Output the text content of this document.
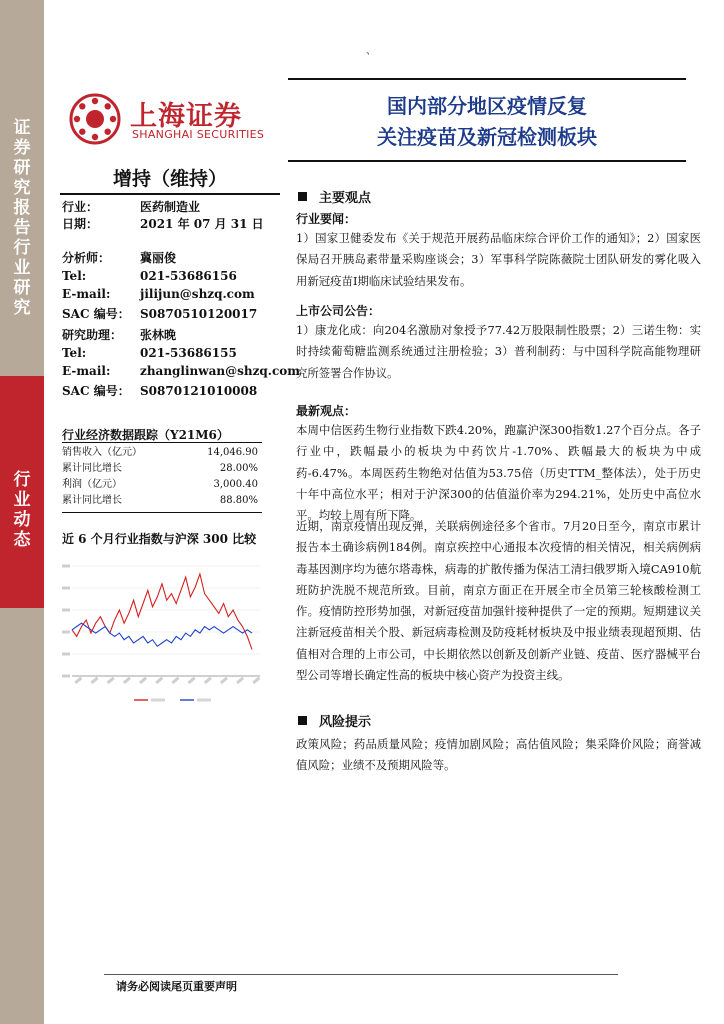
证券研究报告 行业研究
行业动态
、
上海证券
SHANGHAI SECURITIES
国内部分地区疫情反复
关注疫苗及新冠检测板块
增持（维持）
行业：	医药制造业
日期：	2021 年 07 月 31 日
分析师：	冀丽俊
Tel:	021-53686156
E-mail:	jilijun@shzq.com
SAC 编号： S0870510120017
研究助理：	张林晚
Tel:	021-53686155
E-mail:	zhanglinwan@shzq.com
SAC 编号： S0870121010008
行业经济数据跟踪（Y21M6）
销售收入（亿元）	14,046.90
累计同比增长	28.00%
利润（亿元）	3,000.40
累计同比增长	88.80%
近 6 个月行业指数与沪深 300 比较
主要观点
行业要闻：
1）国家卫健委发布《关于规范开展药品临床综合评价工作的通知》；2）国家医保局召开胰岛素带量采购座谈会；3）军事科学院陈薇院士团队研发的雾化吸入用新冠疫苗I期临床试验结果发布。
上市公司公告：
1）康龙化成：向204名激励对象授予77.42万股限制性股票；2）三诺生物：实时持续葡萄糖监测系统通过注册检验；3）普利制药：与中国科学院高能物理研究所签署合作协议。
最新观点：
本周中信医药生物行业指数下跌4.20%，跑赢沪深300指数1.27个百分点。各子行业中，跌幅最小的板块为中药饮片-1.70%、跌幅最大的板块为中成药-6.47%。本周医药生物绝对估值为53.75倍（历史TTM_整体法），处于历史十年中高位水平；相对于沪深300的估值溢价率为294.21%，处历史中高位水平。均较上周有所下降。
近期，南京疫情出现反弹，关联病例途径多个省市。7月20日至今，南京市累计报告本土确诊病例184例。南京疾控中心通报本次疫情的相关情况，相关病例病毒基因测序均为德尔塔毒株，病毒的扩散传播为保洁工清扫俄罗斯入境CA910航班防护洗脱不规范所致。目前，南京方面正在开展全市全员第三轮核酸检测工作。疫情防控形势加强，对新冠疫苗加强针接种提供了一定的预期。短期建议关注新冠疫苗相关个股、新冠病毒检测及防疫耗材板块及中报业绩表现超预期、估值相对合理的上市公司，中长期依然以创新及创新产业链、疫苗、医疗器械平台型公司等增长确定性高的板块中核心资产为投资主线。
风险提示
政策风险；药品质量风险；疫情加剧风险；高估值风险；集采降价风险；商誉减值风险；业绩不及预期风险等。
请务必阅读尾页重要声明
